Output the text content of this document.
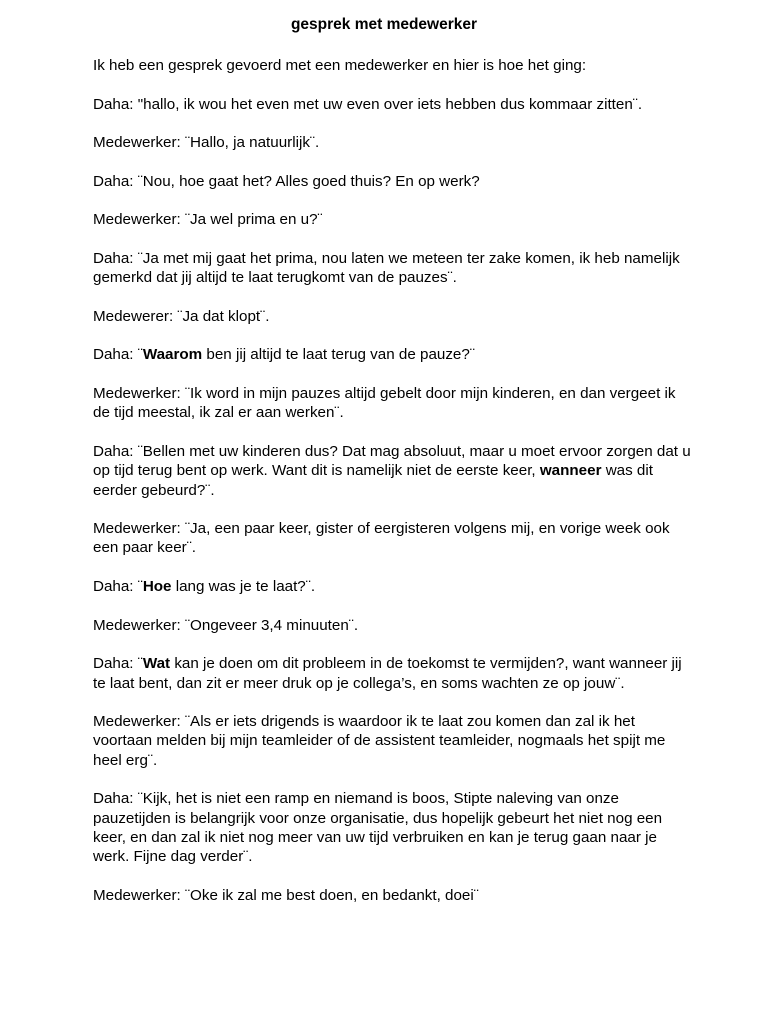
gesprek met medewerker

Ik heb een gesprek gevoerd met een medewerker en hier is hoe het ging:

Daha: "hallo, ik wou het even met uw even over iets hebben dus kommaar zitten¨.

Medewerker: ¨Hallo, ja natuurlijk¨.

Daha: ¨Nou, hoe gaat het? Alles goed thuis? En op werk?

Medewerker: ¨Ja wel prima en u?¨

Daha: ¨Ja met mij gaat het prima, nou laten we meteen ter zake komen, ik heb namelijk gemerkd dat jij altijd te laat terugkomt van de pauzes¨.

Medewerer: ¨Ja dat klopt¨.

Daha: ¨Waarom ben jij altijd te laat terug van de pauze?¨

Medewerker: ¨Ik word in mijn pauzes altijd gebelt door mijn kinderen, en dan vergeet ik de tijd meestal, ik zal er aan werken¨.

Daha: ¨Bellen met uw kinderen dus? Dat mag absoluut, maar u moet ervoor zorgen dat u op tijd terug bent op werk. Want dit is namelijk niet de eerste keer, wanneer was dit eerder gebeurd?¨.

Medewerker: ¨Ja, een paar keer, gister of eergisteren volgens mij, en vorige week ook een paar keer¨.

Daha: ¨Hoe lang was je te laat?¨.

Medewerker: ¨Ongeveer 3,4 minuuten¨.

Daha: ¨Wat kan je doen om dit probleem in de toekomst te vermijden?, want wanneer jij te laat bent, dan zit er meer druk op je collega’s, en soms wachten ze op jouw¨.

Medewerker: ¨Als er iets drigends is waardoor ik te laat zou komen dan zal ik het voortaan melden bij mijn teamleider of de assistent teamleider, nogmaals het spijt me heel erg¨.

Daha: ¨Kijk, het is niet een ramp en niemand is boos, Stipte naleving van onze pauzetijden is belangrijk voor onze organisatie, dus hopelijk gebeurt het niet nog een keer, en dan zal ik niet nog meer van uw tijd verbruiken en kan je terug gaan naar je werk. Fijne dag verder¨.

Medewerker: ¨Oke ik zal me best doen, en bedankt, doei¨
